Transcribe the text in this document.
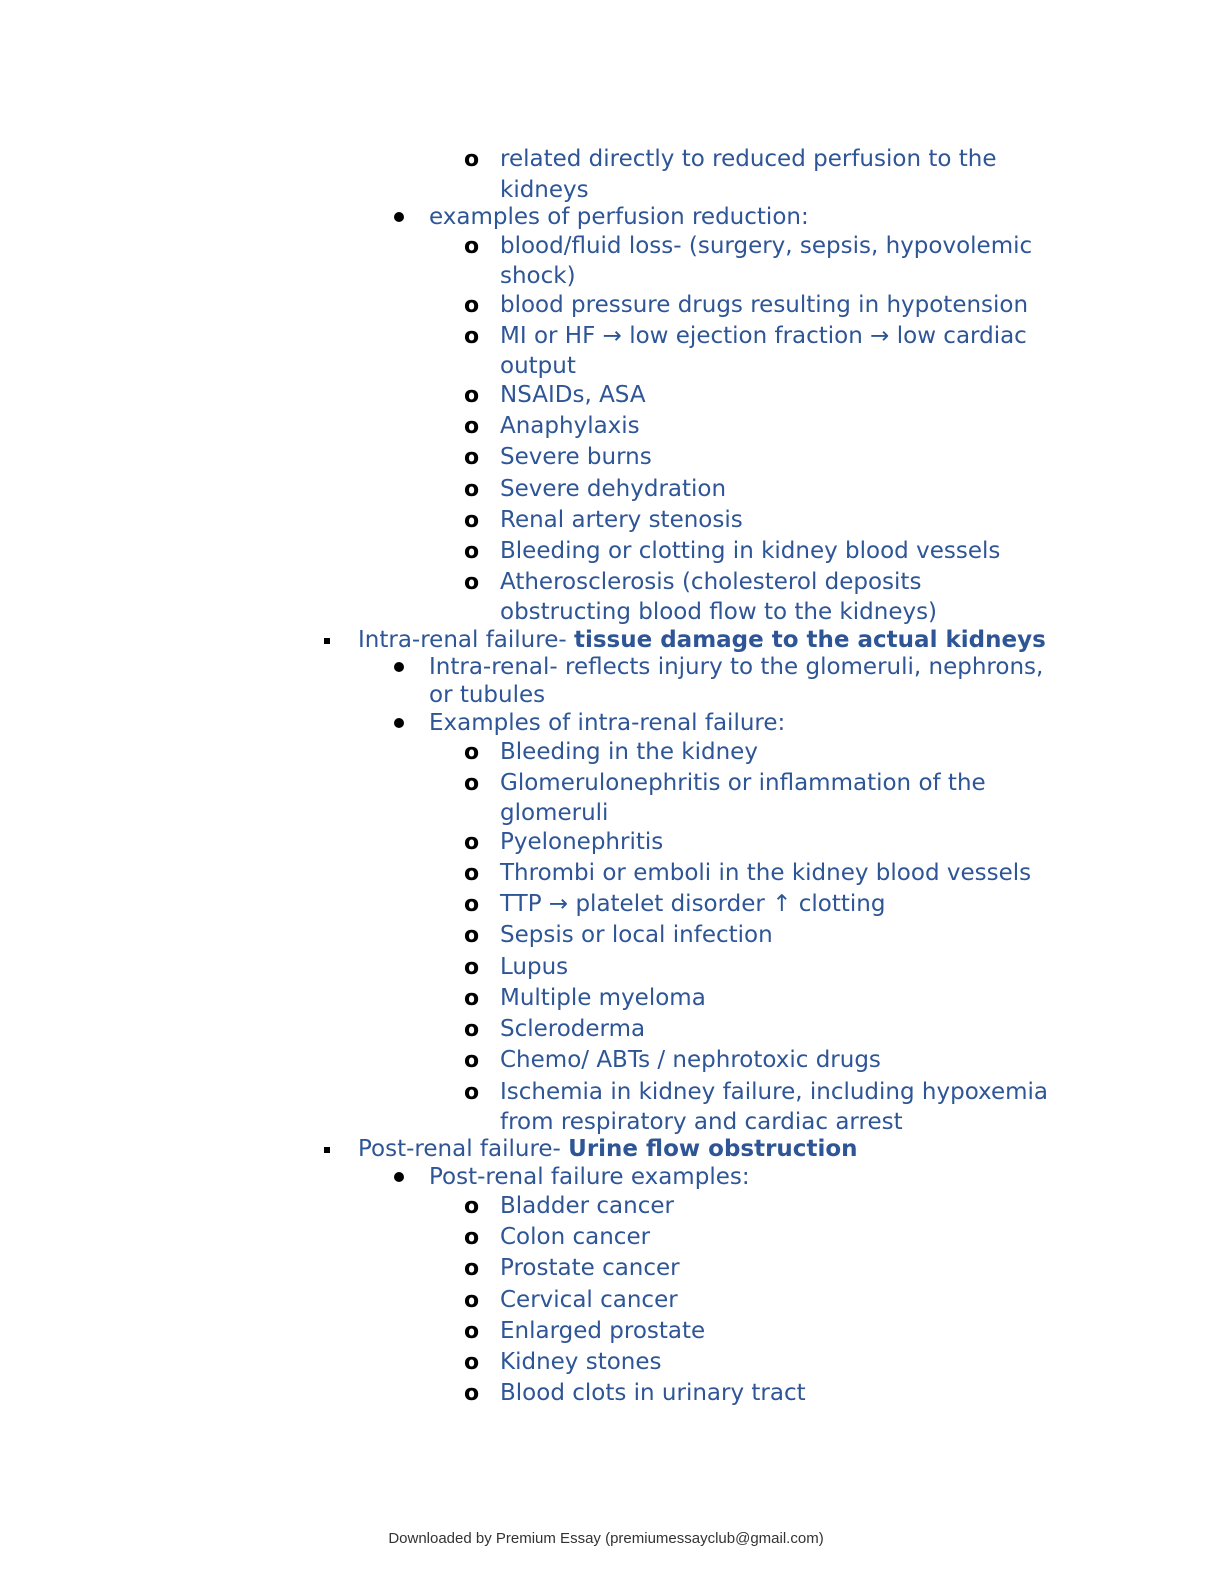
o related directly to reduced perfusion to the
kidneys
examples of perfusion reduction:
o blood/fluid loss- (surgery, sepsis, hypovolemic
shock)
o blood pressure drugs resulting in hypotension
o MI or HF → low ejection fraction → low cardiac
output
o NSAIDs, ASA
o Anaphylaxis
o Severe burns
o Severe dehydration
o Renal artery stenosis
o Bleeding or clotting in kidney blood vessels
o Atherosclerosis (cholesterol deposits
obstructing blood flow to the kidneys)
Intra-renal failure- tissue damage to the actual kidneys
Intra-renal- reflects injury to the glomeruli, nephrons,
or tubules
Examples of intra-renal failure:
o Bleeding in the kidney
o Glomerulonephritis or inflammation of the
glomeruli
o Pyelonephritis
o Thrombi or emboli in the kidney blood vessels
o TTP → platelet disorder ↑ clotting
o Sepsis or local infection
o Lupus
o Multiple myeloma
o Scleroderma
o Chemo/ ABTs / nephrotoxic drugs
o Ischemia in kidney failure, including hypoxemia
from respiratory and cardiac arrest
Post-renal failure- Urine flow obstruction
Post-renal failure examples:
o Bladder cancer
o Colon cancer
o Prostate cancer
o Cervical cancer
o Enlarged prostate
o Kidney stones
o Blood clots in urinary tract
Downloaded by Premium Essay (premiumessayclub@gmail.com)
